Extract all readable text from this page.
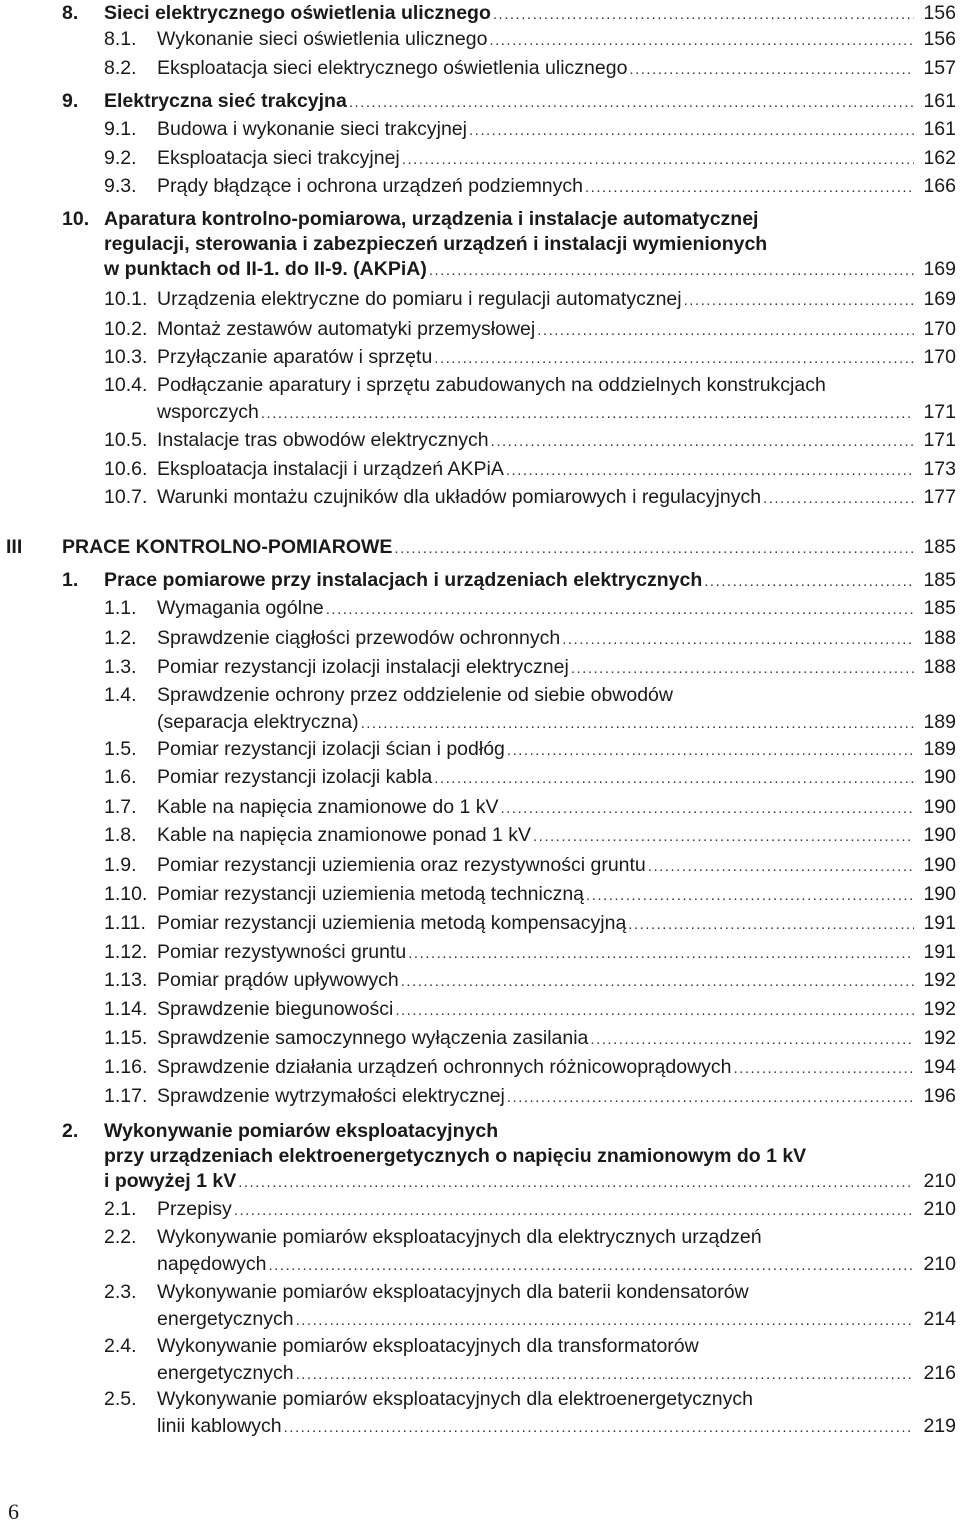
8. Sieci elektrycznego oświetlenia ulicznego .....	156
8.1. Wykonanie sieci oświetlenia ulicznego .....	156
8.2. Eksploatacja sieci elektrycznego oświetlenia ulicznego .....	157
9. Elektryczna sieć trakcyjna .....	161
9.1. Budowa i wykonanie sieci trakcyjnej .....	161
9.2. Eksploatacja sieci trakcyjnej .....	162
9.3. Prądy błądzące i ochrona urządzeń podziemnych .....	166
10. Aparatura kontrolno-pomiarowa, urządzenia i instalacje automatycznej
regulacji, sterowania i zabezpieczeń urządzeń i instalacji wymienionych
w punktach od II-1. do II-9. (AKPiA) .....	169
10.1. Urządzenia elektryczne do pomiaru i regulacji automatycznej .....	169
10.2. Montaż zestawów automatyki przemysłowej .....	170
10.3. Przyłączanie aparatów i sprzętu .....	170
10.4. Podłączanie aparatury i sprzętu zabudowanych na oddzielnych konstrukcjach
wsporczych .....	171
10.5. Instalacje tras obwodów elektrycznych .....	171
10.6. Eksploatacja instalacji i urządzeń AKPiA .....	173
10.7. Warunki montażu czujników dla układów pomiarowych i regulacyjnych .....	177
III PRACE KONTROLNO-POMIAROWE .....	185
1. Prace pomiarowe przy instalacjach i urządzeniach elektrycznych .....	185
1.1. Wymagania ogólne .....	185
1.2. Sprawdzenie ciągłości przewodów ochronnych .....	188
1.3. Pomiar rezystancji izolacji instalacji elektrycznej .....	188
1.4. Sprawdzenie ochrony przez oddzielenie od siebie obwodów
(separacja elektryczna) .....	189
1.5. Pomiar rezystancji izolacji ścian i podłóg .....	189
1.6. Pomiar rezystancji izolacji kabla .....	190
1.7. Kable na napięcia znamionowe do 1 kV .....	190
1.8. Kable na napięcia znamionowe ponad 1 kV .....	190
1.9. Pomiar rezystancji uziemienia oraz rezystywności gruntu .....	190
1.10. Pomiar rezystancji uziemienia metodą techniczną .....	190
1.11. Pomiar rezystancji uziemienia metodą kompensacyjną .....	191
1.12. Pomiar rezystywności gruntu .....	191
1.13. Pomiar prądów upływowych .....	192
1.14. Sprawdzenie biegunowości .....	192
1.15. Sprawdzenie samoczynnego wyłączenia zasilania .....	192
1.16. Sprawdzenie działania urządzeń ochronnych różnicowoprądowych .....	194
1.17. Sprawdzenie wytrzymałości elektrycznej .....	196
2. Wykonywanie pomiarów eksploatacyjnych
przy urządzeniach elektroenergetycznych o napięciu znamionowym do 1 kV
i powyżej 1 kV .....	210
2.1. Przepisy .....	210
2.2. Wykonywanie pomiarów eksploatacyjnych dla elektrycznych urządzeń
napędowych .....	210
2.3. Wykonywanie pomiarów eksploatacyjnych dla baterii kondensatorów
energetycznych .....	214
2.4. Wykonywanie pomiarów eksploatacyjnych dla transformatorów
energetycznych .....	216
2.5. Wykonywanie pomiarów eksploatacyjnych dla elektroenergetycznych
linii kablowych .....	219
6
